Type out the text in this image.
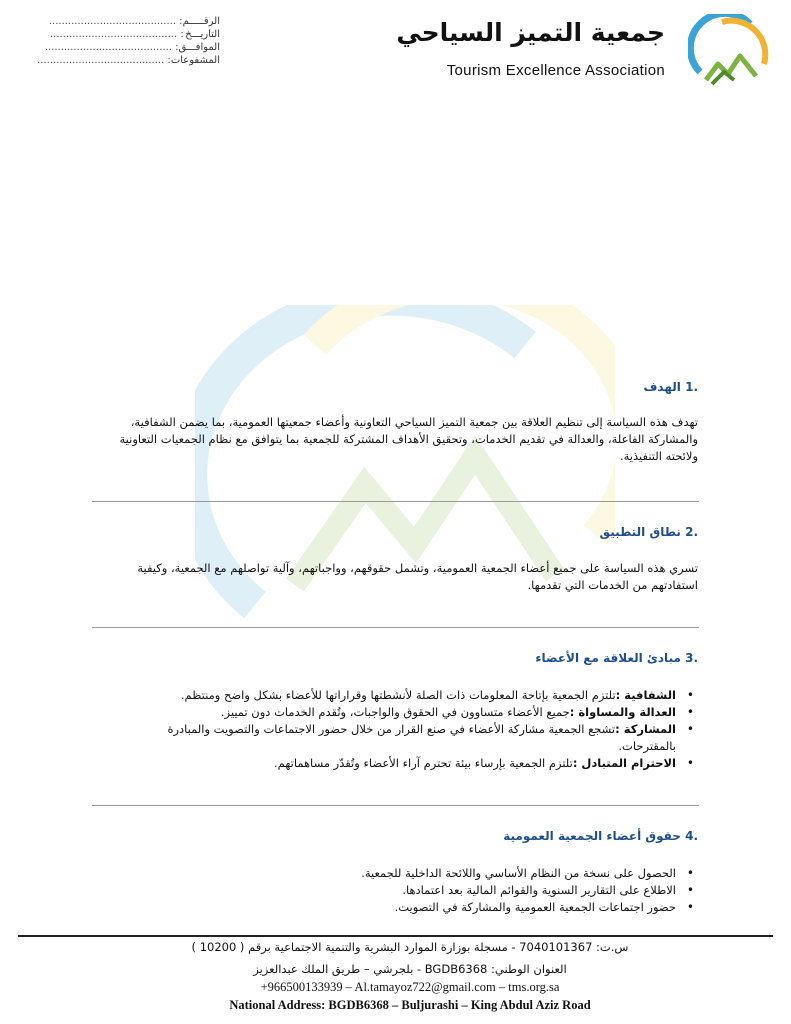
جمعية التميز السياحي
Tourism Excellence Association
الرقـــــم
: ........................................
التاريـــخ
: ........................................
الموافـــق
: ........................................
المشفوعات
: ........................................
.1 الهدف

تهدف هذه السياسة إلى تنظيم العلاقة بين جمعية التميز السياحي التعاونية وأعضاء جمعيتها العمومية، بما يضمن الشفافية، والمشاركة الفاعلة، والعدالة في تقديم الخدمات، وتحقيق الأهداف المشتركة للجمعية بما يتوافق مع نظام الجمعيات التعاونية ولائحته التنفيذية.

.2 نطاق التطبيق

تسري هذه السياسة على جميع أعضاء الجمعية العمومية، وتشمل حقوقهم، وواجباتهم، وآلية تواصلهم مع الجمعية، وكيفية استفادتهم من الخدمات التي تقدمها.

.3 مبادئ العلاقة مع الأعضاء
• الشفافية :تلتزم الجمعية بإتاحة المعلومات ذات الصلة لأنشطتها وقراراتها للأعضاء بشكل واضح ومنتظم.
• العدالة والمساواة :جميع الأعضاء متساوون في الحقوق والواجبات، وتُقدم الخدمات دون تمييز.
• المشاركة :تشجع الجمعية مشاركة الأعضاء في صنع القرار من خلال حضور الاجتماعات والتصويت والمبادرة بالمقترحات.
• الاحترام المتبادل :تلتزم الجمعية بإرساء بيئة تحترم آراء الأعضاء وتُقدّر مساهماتهم.
.4 حقوق أعضاء الجمعية العمومية
• الحصول على نسخة من النظام الأساسي واللائحة الداخلية للجمعية.
• الاطلاع على التقارير السنوية والقوائم المالية بعد اعتمادها.
• حضور اجتماعات الجمعية العمومية والمشاركة في التصويت.
س.ت: 7040101367 - مسجلة بوزارة الموارد البشرية والتنمية الاجتماعية برقم ( 10200 )
العنوان الوطني: BGDB6368 - بلجرشي – طريق الملك عبدالعزيز
+966500133939 – Al.tamayoz722@gmail.com – tms.org.sa
National Address: BGDB6368 – Buljurashi – King Abdul Aziz Road
